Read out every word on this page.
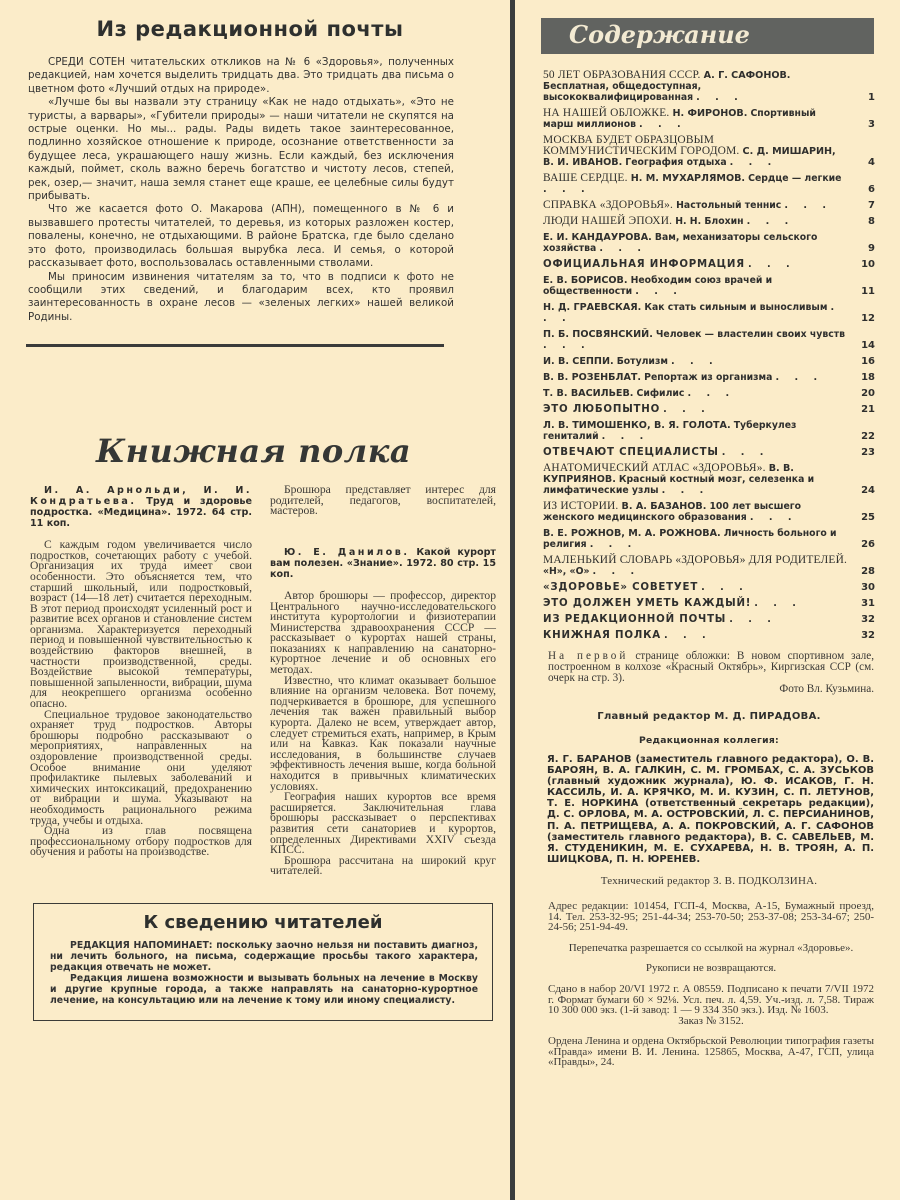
Из редакционной почты

СРЕДИ СОТЕН читательских откликов на № 6 «Здоровья», полученных редакцией, нам хочется выделить тридцать два. Это тридцать два письма о цветном фото «Лучший отдых на природе».

«Лучше бы вы назвали эту страницу «Как не надо отдыхать», «Это не туристы, а варвары», «Губители природы» — наши читатели не скупятся на острые оценки. Но мы... рады. Рады видеть такое заинтересованное, подлинно хозяйское отношение к природе, осознание ответственности за будущее леса, украшающего нашу жизнь. Если каждый, без исключения каждый, поймет, сколь важно беречь богатство и чистоту лесов, степей, рек, озер,— значит, наша земля станет еще краше, ее целебные силы будут прибывать.

Что же касается фото О. Макарова (АПН), помещенного в № 6 и вызвавшего протесты читателей, то деревья, из которых разложен костер, повалены, конечно, не отдыхающими. В районе Братска, где было сделано это фото, производилась большая вырубка леса. И семья, о которой рассказывает фото, воспользовалась оставленными стволами.

Мы приносим извинения читателям за то, что в подписи к фото не сообщили этих сведений, и благодарим всех, кто проявил заинтересованность в охране лесов — «зеленых легких» нашей великой Родины.

Книжная полка
И. А. Арнольди, И. И. Кондратьева. Труд и здоровье подростка. «Медицина». 1972. 64 стр. 11 коп.

С каждым годом увеличивается число подростков, сочетающих работу с учебой. Организация их труда имеет свои особенности. Это объясняется тем, что старший школьный, или подростковый, возраст (14—18 лет) считается переходным. В этот период происходят усиленный рост и развитие всех органов и становление систем организма. Характеризуется переходный период и повышенной чувствительностью к воздействию факторов внешней, в частности производственной, среды. Воздействие высокой температуры, повышенной запыленности, вибрации, шума для неокрепшего организма особенно опасно.

Специальное трудовое законодательство охраняет труд подростков. Авторы брошюры подробно рассказывают о мероприятиях, направленных на оздоровление производственной среды. Особое внимание они уделяют профилактике пылевых заболеваний и химических интоксикаций, предохранению от вибрации и шума. Указывают на необходимость рационального режима труда, учебы и отдыха.

Одна из глав посвящена профессиональному отбору подростков для обучения и работы на производстве.

Брошюра представляет интерес для родителей, педагогов, воспитателей, мастеров.

Ю. Е. Данилов. Какой курорт вам полезен. «Знание». 1972. 80 стр. 15 коп.

Автор брошюры — профессор, директор Центрального научно-исследовательского института курортологии и физиотерапии Министерства здравоохранения СССР — рассказывает о курортах нашей страны, показаниях к направлению на санаторно-курортное лечение и об основных его методах.

Известно, что климат оказывает большое влияние на организм человека. Вот почему, подчеркивается в брошюре, для успешного лечения так важен правильный выбор курорта. Далеко не всем, утверждает автор, следует стремиться ехать, например, в Крым или на Кавказ. Как показали научные исследования, в большинстве случаев эффективность лечения выше, когда больной находится в привычных климатических условиях.

География наших курортов все время расширяется. Заключительная глава брошюры рассказывает о перспективах развития сети санаториев и курортов, определенных Директивами XXIV съезда КПСС.

Брошюра рассчитана на широкий круг читателей.

К сведению читателей

РЕДАКЦИЯ НАПОМИНАЕТ: поскольку заочно нельзя ни поставить диагноз, ни лечить больного, на письма, содержащие просьбы такого характера, редакция отвечать не может.

Редакция лишена возможности и вызывать больных на лечение в Москву и другие крупные города, а также направлять на санаторно-курортное лечение, на консультацию или на лечение к тому или иному специалисту.

Содержание
50 ЛЕТ ОБРАЗОВАНИЯ СССР. А. Г. САФОНОВ. Бесплатная, общедоступная, высококвалифицированная . . .	1
НА НАШЕЙ ОБЛОЖКЕ. Н. ФИРОНОВ. Спортивный марш миллионов . . .	3
МОСКВА БУДЕТ ОБРАЗЦОВЫМ КОММУНИСТИЧЕСКИМ ГОРОДОМ. С. Д. МИШАРИН, В. И. ИВАНОВ. География отдыха . . .	4
ВАШЕ СЕРДЦЕ. Н. М. МУХАРЛЯМОВ. Сердце — легкие . . .	6
СПРАВКА «ЗДОРОВЬЯ». Настольный теннис . . .	7
ЛЮДИ НАШЕЙ ЭПОХИ. Н. Н. Блохин . . .	8
Е. И. КАНДАУРОВА. Вам, механизаторы сельского хозяйства . . .	9
ОФИЦИАЛЬНАЯ ИНФОРМАЦИЯ . . .	10
Е. В. БОРИСОВ. Необходим союз врачей и общественности . . .	11
Н. Д. ГРАЕВСКАЯ. Как стать сильным и выносливым . . .	12
П. Б. ПОСВЯНСКИЙ. Человек — властелин своих чувств . . .	14
И. В. СЕППИ. Ботулизм . . .	16
В. В. РОЗЕНБЛАТ. Репортаж из организма . . .	18
Т. В. ВАСИЛЬЕВ. Сифилис . . .	20
ЭТО ЛЮБОПЫТНО . . .	21
Л. В. ТИМОШЕНКО, В. Я. ГОЛОТА. Туберкулез гениталий . . .	22
ОТВЕЧАЮТ СПЕЦИАЛИСТЫ . . .	23
АНАТОМИЧЕСКИЙ АТЛАС «ЗДОРОВЬЯ». В. В. КУПРИЯНОВ. Красный костный мозг, селезенка и лимфатические узлы . . .	24
ИЗ ИСТОРИИ. В. А. БАЗАНОВ. 100 лет высшего женского медицинского образования . . .	25
В. Е. РОЖНОВ, М. А. РОЖНОВА. Личность больного и религия . . .	26
МАЛЕНЬКИЙ СЛОВАРЬ «ЗДОРОВЬЯ» ДЛЯ РОДИТЕЛЕЙ. «Н», «О» . . .	28
«ЗДОРОВЬЕ» СОВЕТУЕТ . . .	30
ЭТО ДОЛЖЕН УМЕТЬ КАЖДЫЙ! . . .	31
ИЗ РЕДАКЦИОННОЙ ПОЧТЫ . . .	32
КНИЖНАЯ ПОЛКА . . .	32
На первой странице обложки: В новом спортивном зале, построенном в колхозе «Красный Октябрь», Киргизская ССР (см. очерк на стр. 3).
Фото Вл. Кузьмина.
Главный редактор М. Д. ПИРАДОВА.
Редакционная коллегия:
Я. Г. БАРАНОВ (заместитель главного редактора), О. В. БАРОЯН, В. А. ГАЛКИН, С. М. ГРОМБАХ, С. А. ЗУСЬКОВ (главный художник журнала), Ю. Ф. ИСАКОВ, Г. Н. КАССИЛЬ, И. А. КРЯЧКО, М. И. КУЗИН, С. П. ЛЕТУНОВ, Т. Е. НОРКИНА (ответственный секретарь редакции), Д. С. ОРЛОВА, М. А. ОСТРОВСКИЙ, Л. С. ПЕРСИАНИНОВ, П. А. ПЕТРИЩЕВА, А. А. ПОКРОВСКИЙ, А. Г. САФОНОВ (заместитель главного редактора), В. С. САВЕЛЬЕВ, М. Я. СТУДЕНИКИН, М. Е. СУХАРЕВА, Н. В. ТРОЯН, А. П. ШИЦКОВА, П. Н. ЮРЕНЕВ.
Технический редактор З. В. ПОДКОЛЗИНА.
Адрес редакции: 101454, ГСП-4, Москва, А-15, Бумажный проезд, 14. Тел. 253-32-95; 251-44-34; 253-70-50; 253-37-08; 253-34-67; 250-24-56; 251-94-49.
Перепечатка разрешается со ссылкой на журнал «Здоровье».
Рукописи не возвращаются.
Сдано в набор 20/VI 1972 г. А 08559. Подписано к печати 7/VII 1972 г. Формат бумаги 60 × 92⅛. Усл. печ. л. 4,59. Уч.-изд. л. 7,58. Тираж 10 300 000 экз. (1-й завод: 1 — 9 334 350 экз.). Изд. № 1603.
Заказ № 3152.
Ордена Ленина и ордена Октябрьской Революции типография газеты «Правда» имени В. И. Ленина. 125865, Москва, А-47, ГСП, улица «Правды», 24.
